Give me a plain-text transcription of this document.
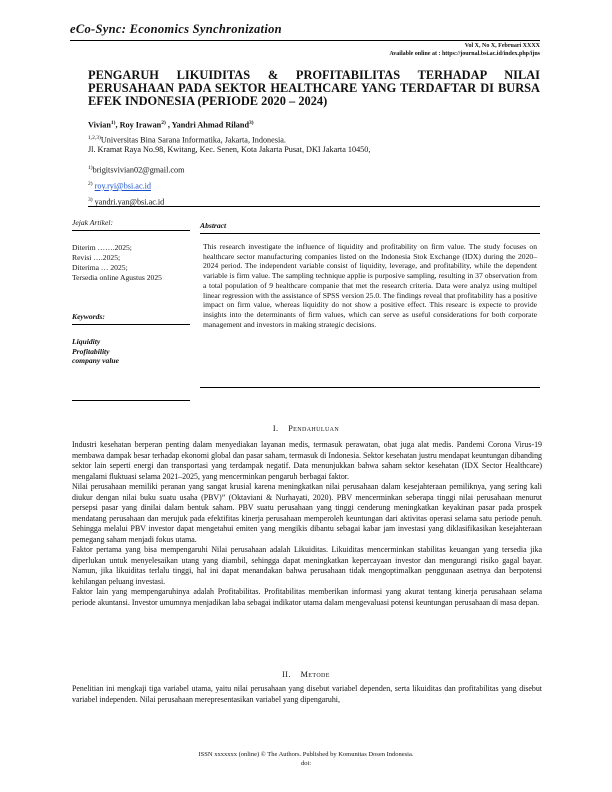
eCo-Sync: Economics Synchronization
Vol X, No X, Februari XXXX
Available online at : https://journal.bsi.ac.id/index.php/ijns
PENGARUH LIKUIDITAS & PROFITABILITAS TERHADAP NILAI PERUSAHAAN PADA SEKTOR HEALTHCARE YANG TERDAFTAR DI BURSA EFEK INDONESIA (PERIODE 2020 – 2024)
Vivian$^{1)}$, Roy Irawan$^{2)}$ , Yandri Ahmad Riland$^{3)}$
$^{1,2,3)}$Universitas Bina Sarana Informatika, Jakarta, Indonesia.
Jl. Kramat Raya No.98, Kwitang, Kec. Senen, Kota Jakarta Pusat, DKI Jakarta 10450,
$^{1)}$brigitsvivian02@gmail.com
$^{2)}$ roy.ryi@bsi.ac.id
$^{3)}$ yandri.yan@bsi.ac.id
Jejak Artikel:
Diterim …….2025;
Revisi ….2025;
Diterima … 2025;
Tersedia online Agustus 2025
Keywords:
Liquidity
Profitability
company value
Abstract
This research investigate the influence of liquidity and profitability on firm value. The study focuses on healthcare sector manufacturing companies listed on the Indonesia Stok Exchange (IDX) during the 2020–2024 period. The independent variable consist of liquidity, leverage, and profitability, while the dependent variable is firm value. The sampling technique applie is purposive sampling, resulting in 37 observation from a total population of 9 healthcare companie that met the research criteria. Data were analyz using multipel linear regression with the assistance of SPSS version 25.0. The findings reveal that profitability has a positive impact on firm value, whereas liquidity do not show a positive effect. This researc is expecte to provide insights into the determinants of firm values, which can serve as useful considerations for both corporate management and investors in making strategic decisions.
I. Pendahuluan

Industri kesehatan berperan penting dalam menyediakan layanan medis, termasuk perawatan, obat juga alat medis. Pandemi Corona Virus-19 membawa dampak besar terhadap ekonomi global dan pasar saham, termasuk di Indonesia. Sektor kesehatan justru mendapat keuntungan dibanding sektor lain seperti energi dan transportasi yang terdampak negatif. Data menunjukkan bahwa saham sektor kesehatan (IDX Sector Healthcare) mengalami fluktuasi selama 2021–2025, yang mencerminkan pengaruh berbagai faktor.

Nilai perusahaan memiliki peranan yang sangat krusial karena meningkatkan nilai perusahaan dalam kesejahteraan pemiliknya, yang sering kali diukur dengan nilai buku suatu usaha (PBV)” (Oktaviani & Nurhayati, 2020). PBV mencerminkan seberapa tinggi nilai perusahaan menurut persepsi pasar yang dinilai dalam bentuk saham. PBV suatu perusahaan yang tinggi cenderung meningkatkan keyakinan pasar pada prospek mendatang perusahaan dan merujuk pada efektifitas kinerja perusahaan memperoleh keuntungan dari aktivitas operasi selama satu periode penuh. Sehingga melalui PBV investor dapat mengetahui emiten yang mengikis dibantu sebagai kabar jam investasi yang diklasifikasikan kesejahteraan pemegang saham menjadi fokus utama.

Faktor pertama yang bisa mempengaruhi Nilai perusahaan adalah Likuiditas. Likuiditas mencerminkan stabilitas keuangan yang tersedia jika diperlukan untuk menyelesaikan utang yang diambil, sehingga dapat meningkatkan kepercayaan investor dan mengurangi risiko gagal bayar. Namun, jika likuiditas terlalu tinggi, hal ini dapat menandakan bahwa perusahaan tidak mengoptimalkan penggunaan asetnya dan berpotensi kehilangan peluang investasi.

Faktor lain yang mempengaruhinya adalah Profitabilitas. Profitabilitas memberikan informasi yang akurat tentang kinerja perusahaan selama periode akuntansi. Investor umumnya menjadikan laba sebagai indikator utama dalam mengevaluasi potensi keuntungan perusahaan di masa depan.

II. Metode

Penelitian ini mengkaji tiga variabel utama, yaitu nilai perusahaan yang disebut variabel dependen, serta likuiditas dan profitabilitas yang disebut variabel independen. Nilai perusahaan merepresentasikan variabel yang dipengaruhi,

ISSN xxxxxxx (online) © The Authors. Published by Komunitas Dosen Indonesia.
doi:
